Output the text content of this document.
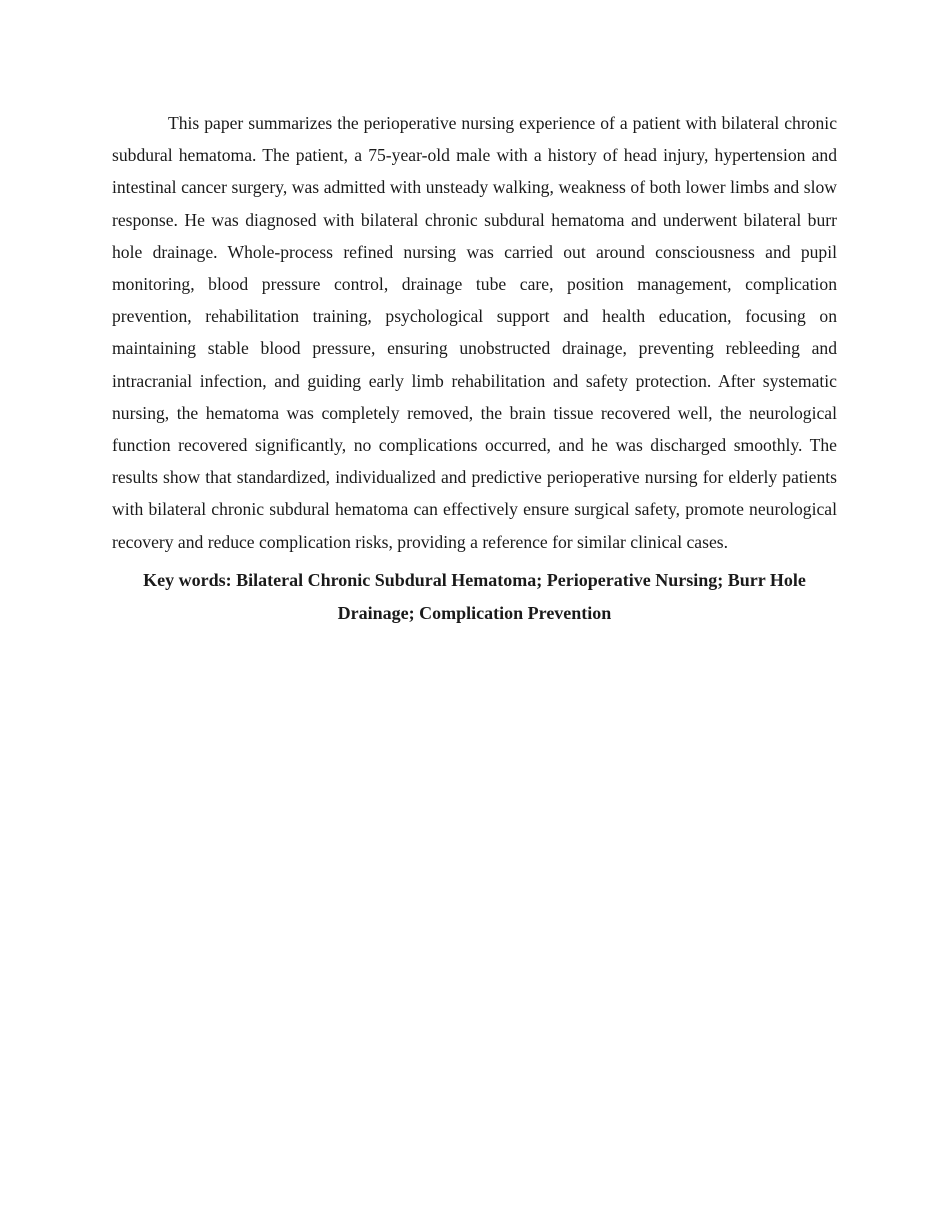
This paper summarizes the perioperative nursing experience of a patient with bilateral chronic subdural hematoma. The patient, a 75-year-old male with a history of head injury, hypertension and intestinal cancer surgery, was admitted with unsteady walking, weakness of both lower limbs and slow response. He was diagnosed with bilateral chronic subdural hematoma and underwent bilateral burr hole drainage. Whole-process refined nursing was carried out around consciousness and pupil monitoring, blood pressure control, drainage tube care, position management, complication prevention, rehabilitation training, psychological support and health education, focusing on maintaining stable blood pressure, ensuring unobstructed drainage, preventing rebleeding and intracranial infection, and guiding early limb rehabilitation and safety protection. After systematic nursing, the hematoma was completely removed, the brain tissue recovered well, the neurological function recovered significantly, no complications occurred, and he was discharged smoothly. The results show that standardized, individualized and predictive perioperative nursing for elderly patients with bilateral chronic subdural hematoma can effectively ensure surgical safety, promote neurological recovery and reduce complication risks, providing a reference for similar clinical cases.

Key words: Bilateral Chronic Subdural Hematoma; Perioperative Nursing; Burr Hole Drainage; Complication Prevention
